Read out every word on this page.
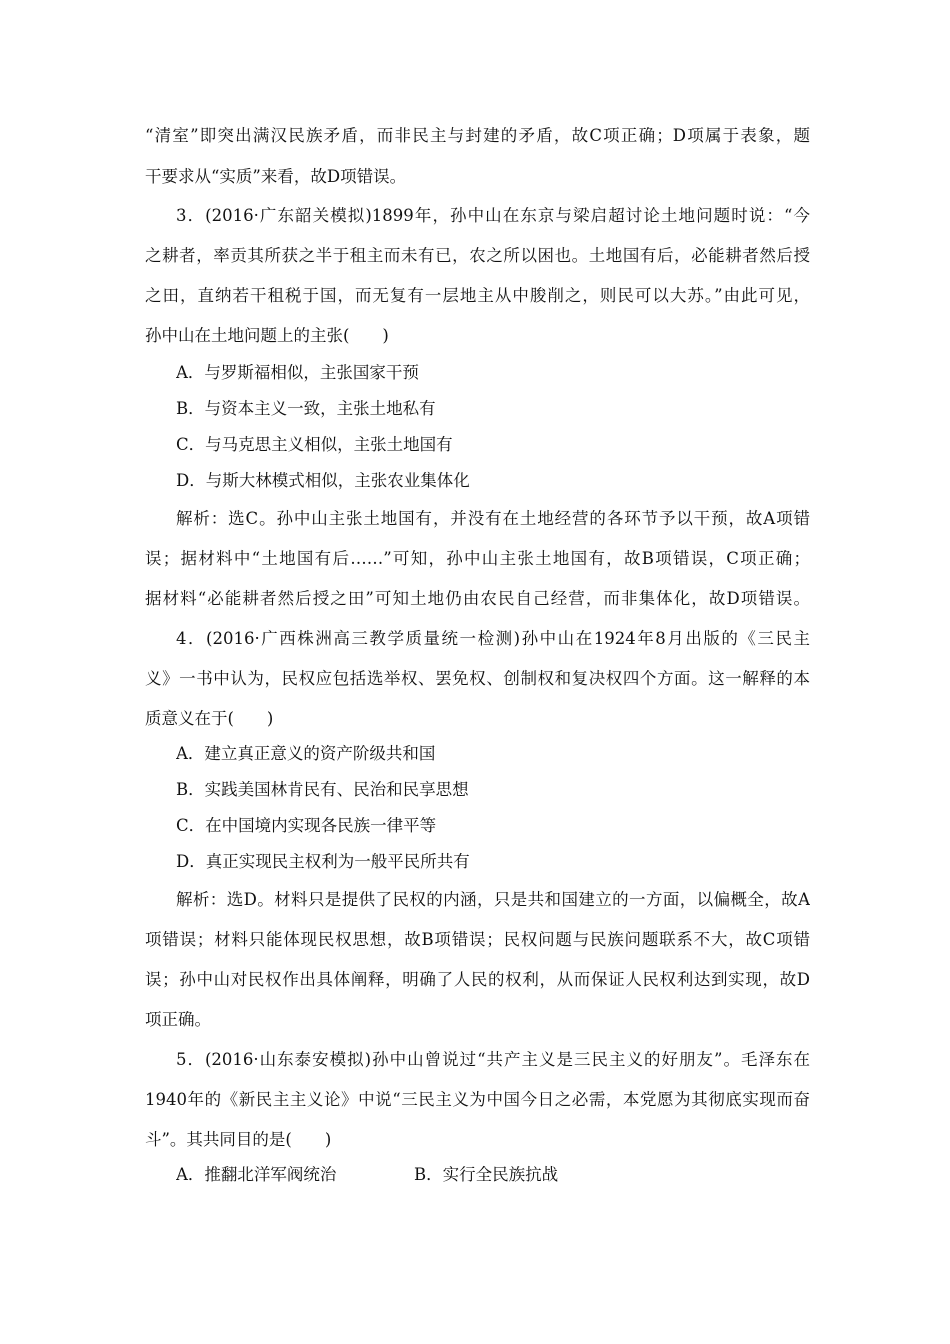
“清室”即突出满汉民族矛盾，而非民主与封建的矛盾，故C项正确；D项属于表象，题
干要求从“实质”来看，故D项错误。
3．(2016·广东韶关模拟)1899年，孙中山在东京与梁启超讨论土地问题时说：“今
之耕者，率贡其所获之半于租主而未有已，农之所以困也。土地国有后，必能耕者然后授
之田，直纳若干租税于国，而无复有一层地主从中朘削之，则民可以大苏。”由此可见，
孙中山在土地问题上的主张(　　)
A．与罗斯福相似，主张国家干预
B．与资本主义一致，主张土地私有
C．与马克思主义相似，主张土地国有
D．与斯大林模式相似，主张农业集体化
解析：选C。孙中山主张土地国有，并没有在土地经营的各环节予以干预，故A项错
误；据材料中“土地国有后……”可知，孙中山主张土地国有，故B项错误，C项正确；
据材料“必能耕者然后授之田”可知土地仍由农民自己经营，而非集体化，故D项错误。
4．(2016·广西株洲高三教学质量统一检测)孙中山在1924年8月出版的《三民主
义》一书中认为，民权应包括选举权、罢免权、创制权和复决权四个方面。这一解释的本
质意义在于(　　)
A．建立真正意义的资产阶级共和国
B．实践美国林肯民有、民治和民享思想
C．在中国境内实现各民族一律平等
D．真正实现民主权利为一般平民所共有
解析：选D。材料只是提供了民权的内涵，只是共和国建立的一方面，以偏概全，故A
项错误；材料只能体现民权思想，故B项错误；民权问题与民族问题联系不大，故C项错
误；孙中山对民权作出具体阐释，明确了人民的权利，从而保证人民权利达到实现，故D
项正确。
5．(2016·山东泰安模拟)孙中山曾说过“共产主义是三民主义的好朋友”。毛泽东在
1940年的《新民主主义论》中说“三民主义为中国今日之必需，本党愿为其彻底实现而奋
斗”。其共同目的是(　　)
A．推翻北洋军阀统治	B．实行全民族抗战
